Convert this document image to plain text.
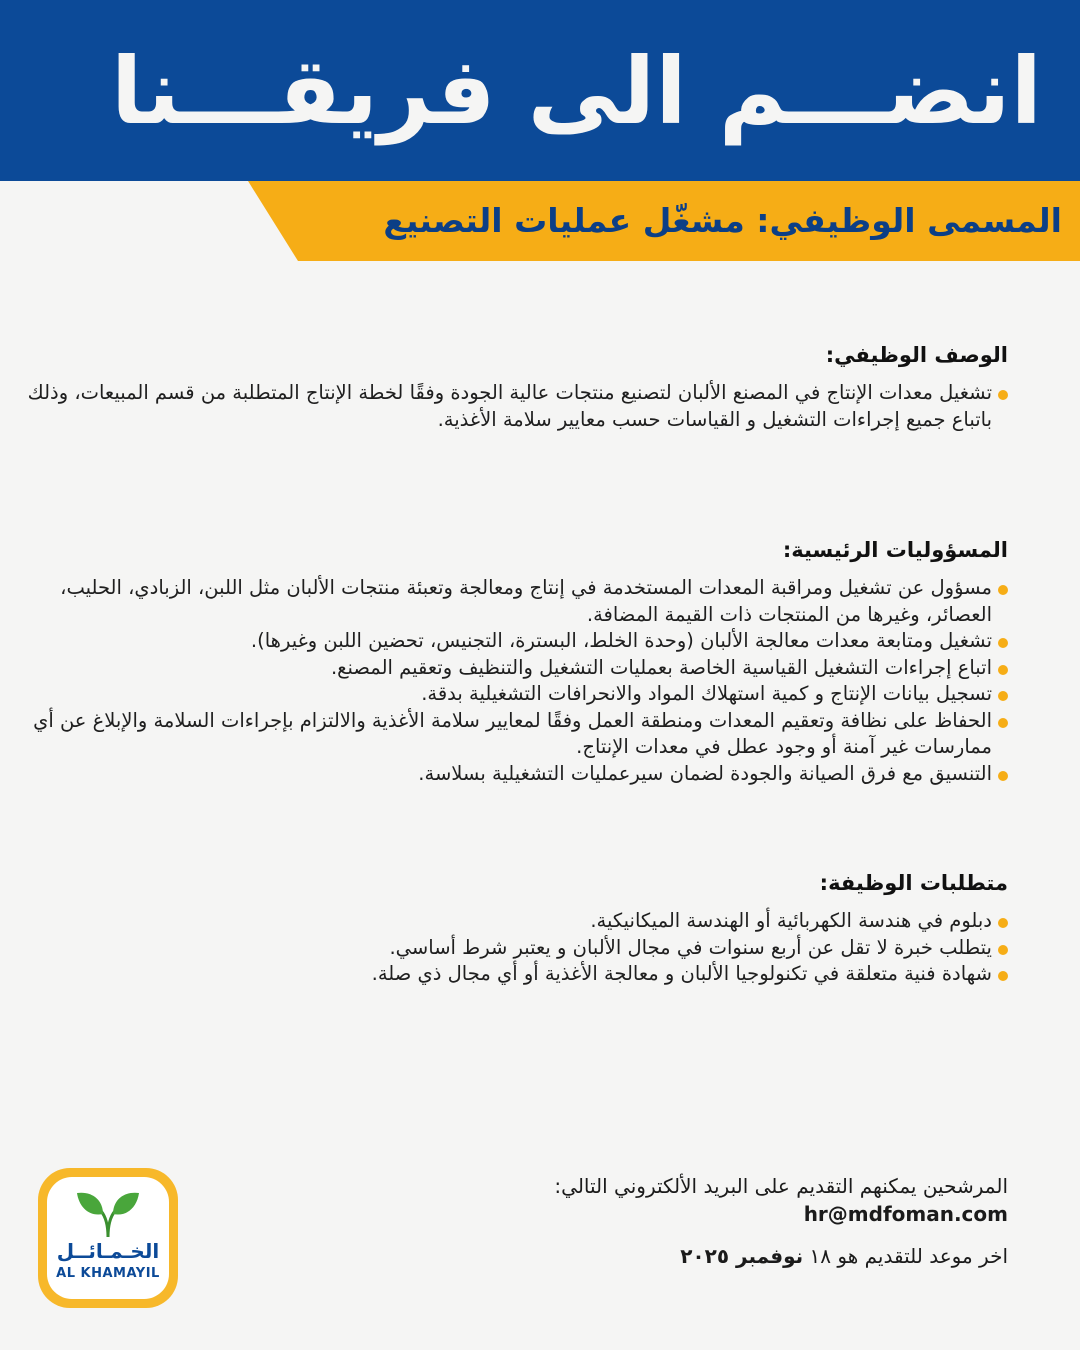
انضـــم الى فريقـــنا
المسمى الوظيفي: مشغّل عمليات التصنيع
الوصف الوظيفي:
تشغيل معدات الإنتاج في المصنع الألبان لتصنيع منتجات عالية الجودة وفقًا لخطة الإنتاج المتطلبة من قسم المبيعات، وذلك باتباع جميع إجراءات التشغيل و القياسات حسب معايير سلامة الأغذية.
المسؤوليات الرئيسية:
مسؤول عن تشغيل ومراقبة المعدات المستخدمة في إنتاج ومعالجة وتعبئة منتجات الألبان مثل اللبن، الزبادي، الحليب، العصائر، وغيرها من المنتجات ذات القيمة المضافة.
تشغيل ومتابعة معدات معالجة الألبان (وحدة الخلط، البسترة، التجنيس، تحضين اللبن وغيرها).
اتباع إجراءات التشغيل القياسية الخاصة بعمليات التشغيل والتنظيف وتعقيم المصنع.
تسجيل بيانات الإنتاج و كمية استهلاك المواد والانحرافات التشغيلية بدقة.
الحفاظ على نظافة وتعقيم المعدات ومنطقة العمل وفقًا لمعايير سلامة الأغذية والالتزام بإجراءات السلامة والإبلاغ عن أي ممارسات غير آمنة أو وجود عطل في معدات الإنتاج.
التنسيق مع فرق الصيانة والجودة لضمان سيرعمليات التشغيلية بسلاسة.
متطلبات الوظيفة:
دبلوم في هندسة الكهربائية أو الهندسة الميكانيكية.
يتطلب خبرة لا تقل عن أربع سنوات في مجال الألبان و يعتبر شرط أساسي.
شهادة فنية متعلقة في تكنولوجيا الألبان و معالجة الأغذية أو أي مجال ذي صلة.

المرشحين يمكنهم التقديم على البريد الألكتروني التالي:

hr@mdfoman.com

اخر موعد للتقديم هو ١٨ نوفمبر ٢٠٢٥

الخـمـائــل
AL KHAMAYIL
